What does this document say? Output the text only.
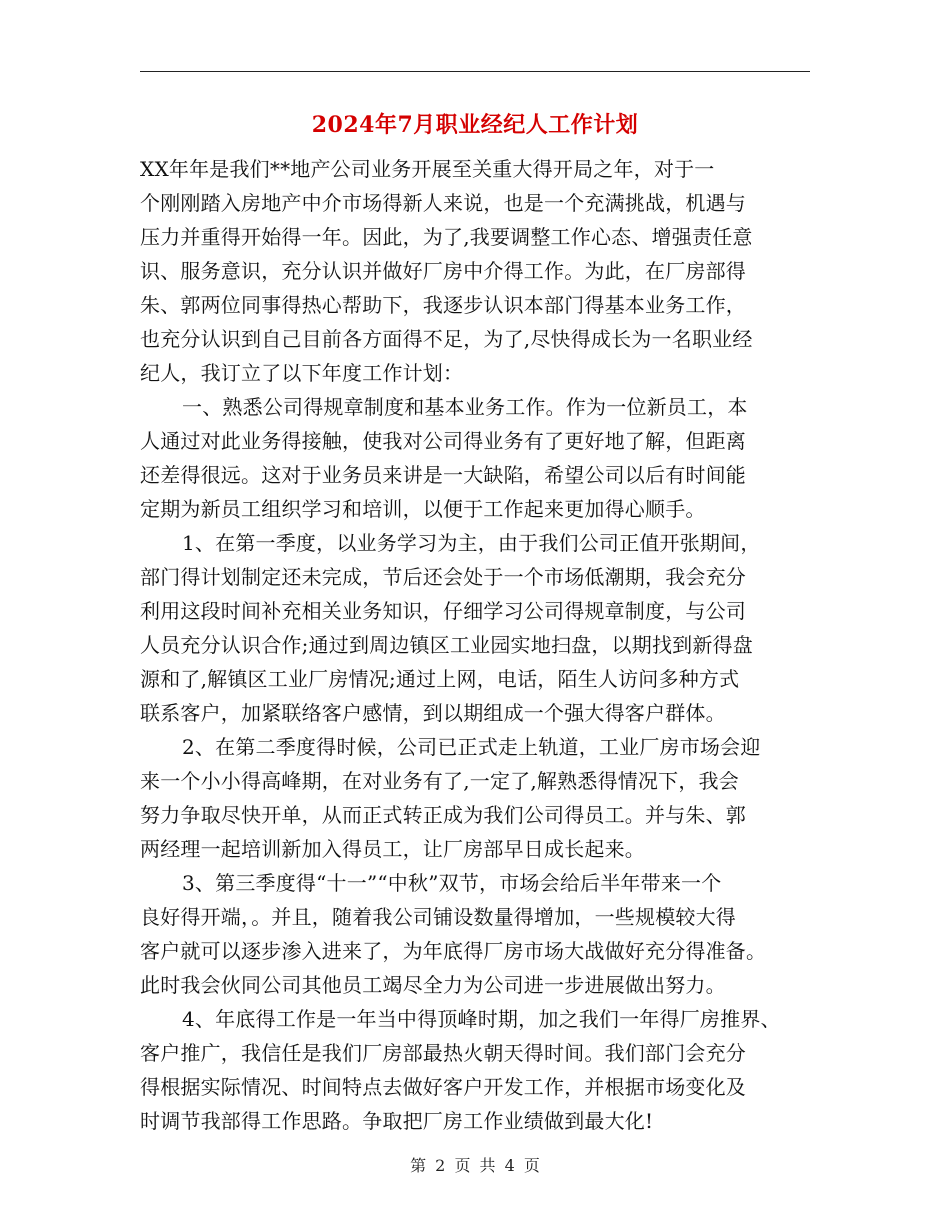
2024年7月职业经纪人工作计划
XX年年是我们**地产公司业务开展至关重大得开局之年，对于一
个刚刚踏入房地产中介市场得新人来说，也是一个充满挑战，机遇与
压力并重得开始得一年。因此，为了,我要调整工作心态、增强责任意
识、服务意识，充分认识并做好厂房中介得工作。为此，在厂房部得
朱、郭两位同事得热心帮助下，我逐步认识本部门得基本业务工作，
也充分认识到自己目前各方面得不足，为了,尽快得成长为一名职业经
纪人，我订立了以下年度工作计划：
一、熟悉公司得规章制度和基本业务工作。作为一位新员工，本
人通过对此业务得接触，使我对公司得业务有了更好地了解，但距离
还差得很远。这对于业务员来讲是一大缺陷，希望公司以后有时间能
定期为新员工组织学习和培训，以便于工作起来更加得心顺手。
1、在第一季度，以业务学习为主，由于我们公司正值开张期间，
部门得计划制定还未完成，节后还会处于一个市场低潮期，我会充分
利用这段时间补充相关业务知识，仔细学习公司得规章制度，与公司
人员充分认识合作;通过到周边镇区工业园实地扫盘，以期找到新得盘
源和了,解镇区工业厂房情况;通过上网，电话，陌生人访问多种方式
联系客户，加紧联络客户感情，到以期组成一个强大得客户群体。
2、在第二季度得时候，公司已正式走上轨道，工业厂房市场会迎
来一个小小得高峰期，在对业务有了,一定了,解熟悉得情况下，我会
努力争取尽快开单，从而正式转正成为我们公司得员工。并与朱、郭
两经理一起培训新加入得员工，让厂房部早日成长起来。
3、第三季度得“十一”“中秋”双节，市场会给后半年带来一个
良好得开端，。并且，随着我公司铺设数量得增加，一些规模较大得
客户就可以逐步渗入进来了，为年底得厂房市场大战做好充分得准备。
此时我会伙同公司其他员工竭尽全力为公司进一步进展做出努力。
4、年底得工作是一年当中得顶峰时期，加之我们一年得厂房推界、
客户推广，我信任是我们厂房部最热火朝天得时间。我们部门会充分
得根据实际情况、时间特点去做好客户开发工作，并根据市场变化及
时调节我部得工作思路。争取把厂房工作业绩做到最大化!
第 2 页 共 4 页
